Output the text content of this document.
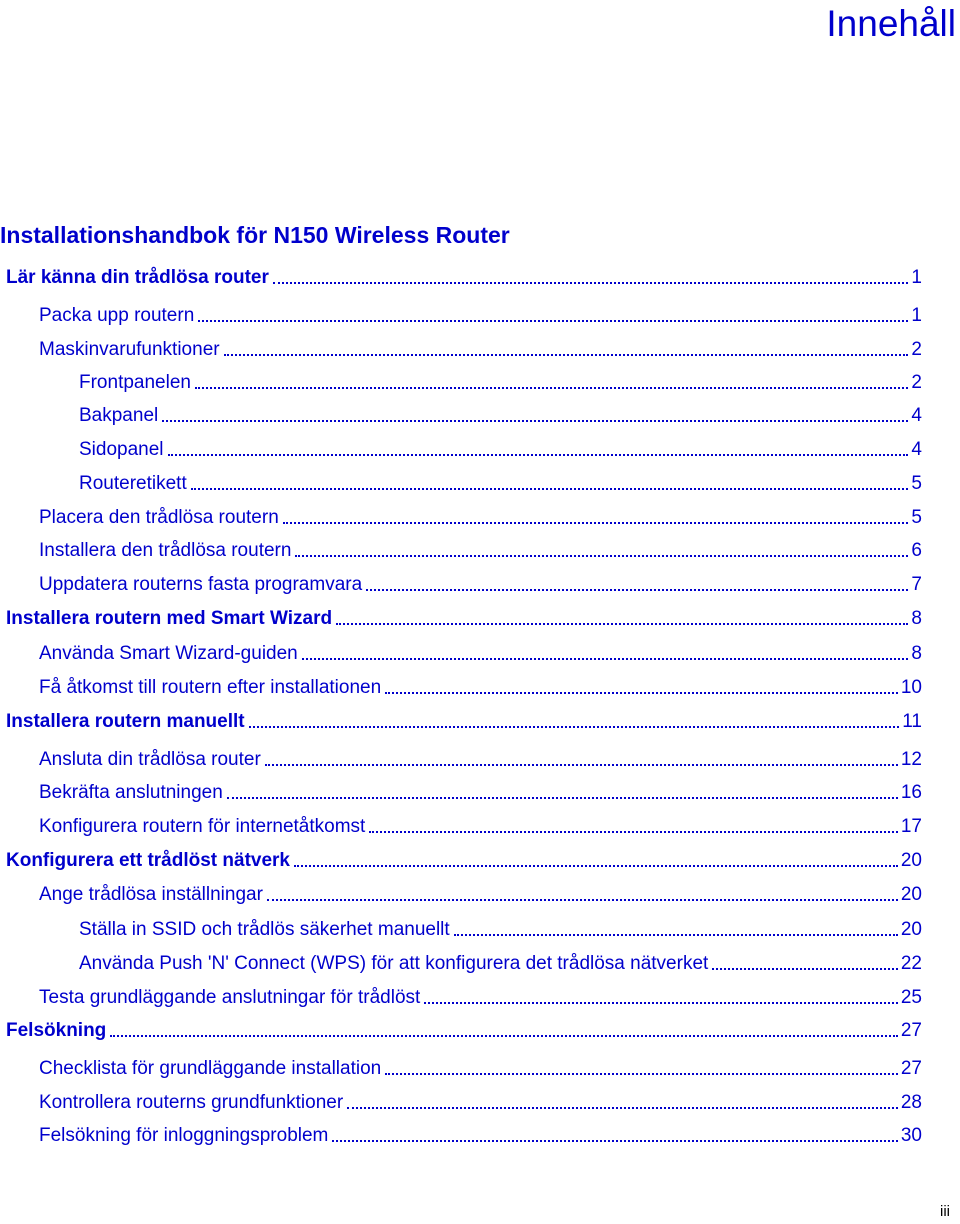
Innehåll
Installationshandbok för N150 Wireless Router
Lär känna din trådlösa router	1
Packa upp routern	1
Maskinvarufunktioner	2
Frontpanelen	2
Bakpanel	4
Sidopanel	4
Routeretikett	5
Placera den trådlösa routern	5
Installera den trådlösa routern	6
Uppdatera routerns fasta programvara	7
Installera routern med Smart Wizard	8
Använda Smart Wizard-guiden	8
Få åtkomst till routern efter installationen	10
Installera routern manuellt	11
Ansluta din trådlösa router	12
Bekräfta anslutningen	16
Konfigurera routern för internetåtkomst	17
Konfigurera ett trådlöst nätverk	20
Ange trådlösa inställningar	20
Ställa in SSID och trådlös säkerhet manuellt	20
Använda Push 'N' Connect (WPS) för att konfigurera det trådlösa nätverket	22
Testa grundläggande anslutningar för trådlöst	25
Felsökning	27
Checklista för grundläggande installation	27
Kontrollera routerns grundfunktioner	28
Felsökning för inloggningsproblem	30

iii
